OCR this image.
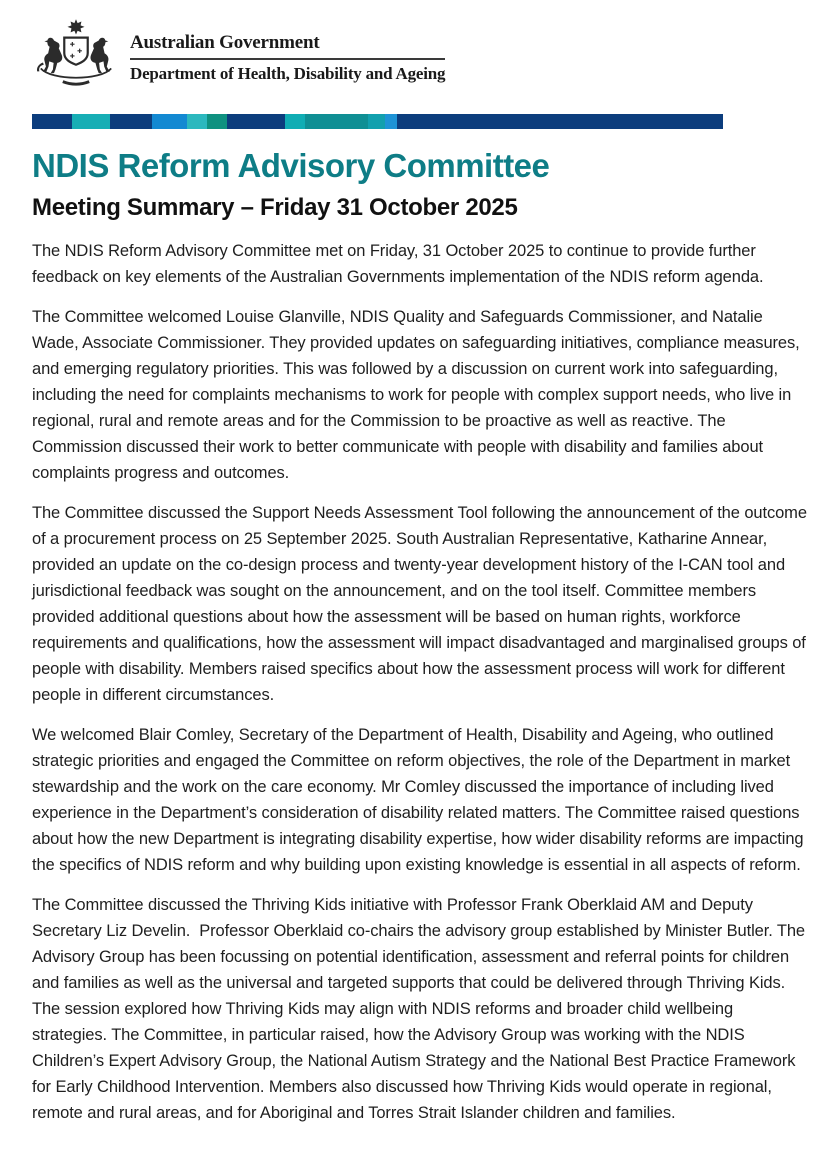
Australian Government
Department of Health, Disability and Ageing
NDIS Reform Advisory Committee
Meeting Summary – Friday 31 October 2025

The NDIS Reform Advisory Committee met on Friday, 31 October 2025 to continue to provide further feedback on key elements of the Australian Governments implementation of the NDIS reform agenda.

The Committee welcomed Louise Glanville, NDIS Quality and Safeguards Commissioner, and Natalie Wade, Associate Commissioner. They provided updates on safeguarding initiatives, compliance measures, and emerging regulatory priorities. This was followed by a discussion on current work into safeguarding, including the need for complaints mechanisms to work for people with complex support needs, who live in regional, rural and remote areas and for the Commission to be proactive as well as reactive. The Commission discussed their work to better communicate with people with disability and families about complaints progress and outcomes.

The Committee discussed the Support Needs Assessment Tool following the announcement of the outcome of a procurement process on 25 September 2025. South Australian Representative, Katharine Annear, provided an update on the co-design process and twenty-year development history of the I-CAN tool and jurisdictional feedback was sought on the announcement, and on the tool itself. Committee members provided additional questions about how the assessment will be based on human rights, workforce requirements and qualifications, how the assessment will impact disadvantaged and marginalised groups of people with disability. Members raised specifics about how the assessment process will work for different people in different circumstances.

We welcomed Blair Comley, Secretary of the Department of Health, Disability and Ageing, who outlined strategic priorities and engaged the Committee on reform objectives, the role of the Department in market stewardship and the work on the care economy. Mr Comley discussed the importance of including lived experience in the Department’s consideration of disability related matters. The Committee raised questions about how the new Department is integrating disability expertise, how wider disability reforms are impacting the specifics of NDIS reform and why building upon existing knowledge is essential in all aspects of reform.

The Committee discussed the Thriving Kids initiative with Professor Frank Oberklaid AM and Deputy Secretary Liz Develin.  Professor Oberklaid co-chairs the advisory group established by Minister Butler. The Advisory Group has been focussing on potential identification, assessment and referral points for children and families as well as the universal and targeted supports that could be delivered through Thriving Kids. The session explored how Thriving Kids may align with NDIS reforms and broader child wellbeing strategies. The Committee, in particular raised, how the Advisory Group was working with the NDIS Children’s Expert Advisory Group, the National Autism Strategy and the National Best Practice Framework for Early Childhood Intervention. Members also discussed how Thriving Kids would operate in regional, remote and rural areas, and for Aboriginal and Torres Strait Islander children and families.
